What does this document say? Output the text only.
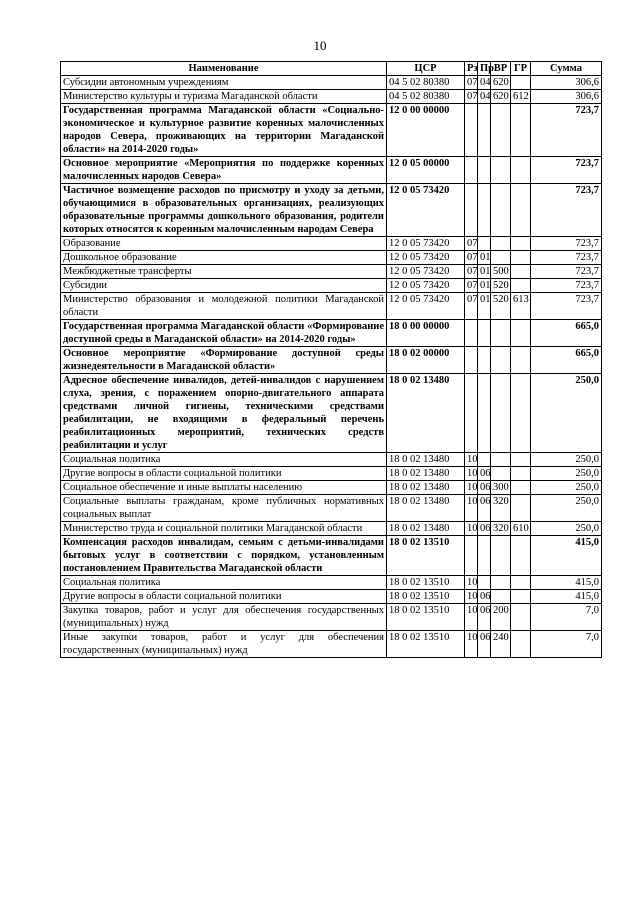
10
Наименование	ЦСР	Рз	Пр	ВР	ГР	Сумма
Субсидии автономным учреждениям	04 5 02 80380	07	04	620		306,6
Министерство культуры и туризма Магаданской области	04 5 02 80380	07	04	620	612	306,6
Государственная программа Магаданской области «Социально-экономическое и культурное развитие коренных малочисленных народов Севера, проживающих на территории Магаданской области» на 2014-2020 годы»	12 0 00 00000					723,7
Основное мероприятие «Мероприятия по поддержке коренных малочисленных народов Севера»	12 0 05 00000					723,7
Частичное возмещение расходов по присмотру и уходу за детьми, обучающимися в образовательных организациях, реализующих образовательные программы дошкольного образования, родители которых относятся к коренным малочисленным народам Севера	12 0 05 73420					723,7
Образование	12 0 05 73420	07				723,7
Дошкольное образование	12 0 05 73420	07	01			723,7
Межбюджетные трансферты	12 0 05 73420	07	01	500		723,7
Субсидии	12 0 05 73420	07	01	520		723,7
Министерство образования и молодежной политики Магаданской области	12 0 05 73420	07	01	520	613	723,7
Государственная программа Магаданской области «Формирование доступной среды в Магаданской области» на 2014-2020 годы»	18 0 00 00000					665,0
Основное мероприятие «Формирование доступной среды жизнедеятельности в Магаданской области»	18 0 02 00000					665,0
Адресное обеспечение инвалидов, детей-инвалидов с нарушением слуха, зрения, с поражением опорно-двигательного аппарата средствами личной гигиены, техническими средствами реабилитации, не входящими в федеральный перечень реабилитационных мероприятий, технических средств реабилитации и услуг	18 0 02 13480					250,0
Социальная политика	18 0 02 13480	10				250,0
Другие вопросы в области социальной политики	18 0 02 13480	10	06			250,0
Социальное обеспечение и иные выплаты населению	18 0 02 13480	10	06	300		250,0
Социальные выплаты гражданам, кроме публичных нормативных социальных выплат	18 0 02 13480	10	06	320		250,0
Министерство труда и социальной политики Магаданской области	18 0 02 13480	10	06	320	610	250,0
Компенсация расходов инвалидам, семьям с детьми-инвалидами бытовых услуг в соответствии с порядком, установленным постановлением Правительства Магаданской области	18 0 02 13510					415,0
Социальная политика	18 0 02 13510	10				415,0
Другие вопросы в области социальной политики	18 0 02 13510	10	06			415,0
Закупка товаров, работ и услуг для обеспечения государственных (муниципальных) нужд	18 0 02 13510	10	06	200		7,0
Иные закупки товаров, работ и услуг для обеспечения государственных (муниципальных) нужд	18 0 02 13510	10	06	240		7,0
